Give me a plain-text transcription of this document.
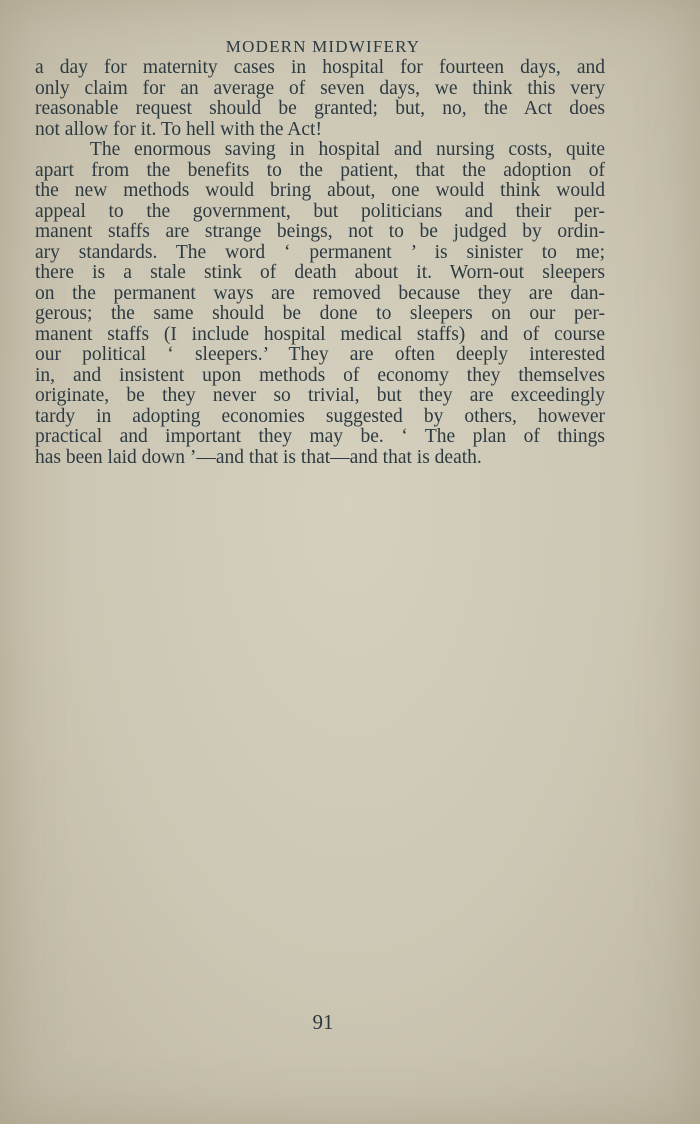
MODERN MIDWIFERY
a day for maternity cases in hospital for fourteen days, and
only claim for an average of seven days, we think this very
reasonable request should be granted; but, no, the Act does
not allow for it. To hell with the Act!
The enormous saving in hospital and nursing costs, quite
apart from the benefits to the patient, that the adoption of
the new methods would bring about, one would think would
appeal to the government, but politicians and their per-
manent staffs are strange beings, not to be judged by ordin-
ary standards. The word ‘ permanent ’ is sinister to me;
there is a stale stink of death about it. Worn-out sleepers
on the permanent ways are removed because they are dan-
gerous; the same should be done to sleepers on our per-
manent staffs (I include hospital medical staffs) and of course
our political ‘ sleepers.’ They are often deeply interested
in, and insistent upon methods of economy they themselves
originate, be they never so trivial, but they are exceedingly
tardy in adopting economies suggested by others, however
practical and important they may be. ‘ The plan of things
has been laid down ’—and that is that—and that is death.

91
